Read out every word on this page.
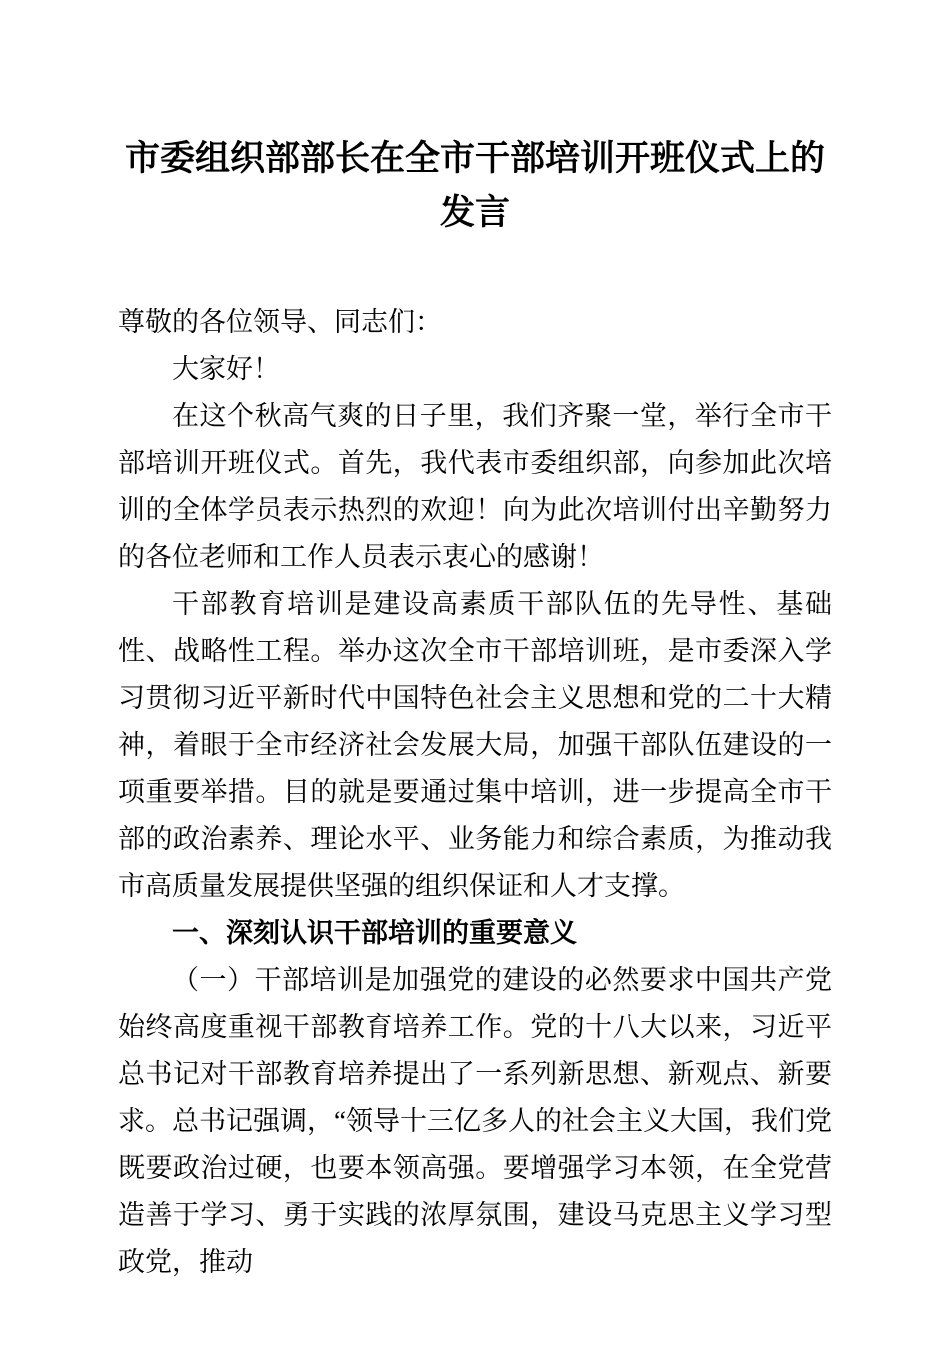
市委组织部部长在全市干部培训开班仪式上的发言

尊敬的各位领导、同志们：

大家好！

在这个秋高气爽的日子里，我们齐聚一堂，举行全市干部培训开班仪式。首先，我代表市委组织部，向参加此次培训的全体学员表示热烈的欢迎！向为此次培训付出辛勤努力的各位老师和工作人员表示衷心的感谢！

干部教育培训是建设高素质干部队伍的先导性、基础性、战略性工程。举办这次全市干部培训班，是市委深入学习贯彻习近平新时代中国特色社会主义思想和党的二十大精神，着眼于全市经济社会发展大局，加强干部队伍建设的一项重要举措。目的就是要通过集中培训，进一步提高全市干部的政治素养、理论水平、业务能力和综合素质，为推动我市高质量发展提供坚强的组织保证和人才支撑。

一、深刻认识干部培训的重要意义

（一）干部培训是加强党的建设的必然要求中国共产党始终高度重视干部教育培养工作。党的十八大以来，习近平总书记对干部教育培养提出了一系列新思想、新观点、新要求。总书记强调，“领导十三亿多人的社会主义大国，我们党既要政治过硬，也要本领高强。要增强学习本领，在全党营造善于学习、勇于实践的浓厚氛围，建设马克思主义学习型政党，推动
